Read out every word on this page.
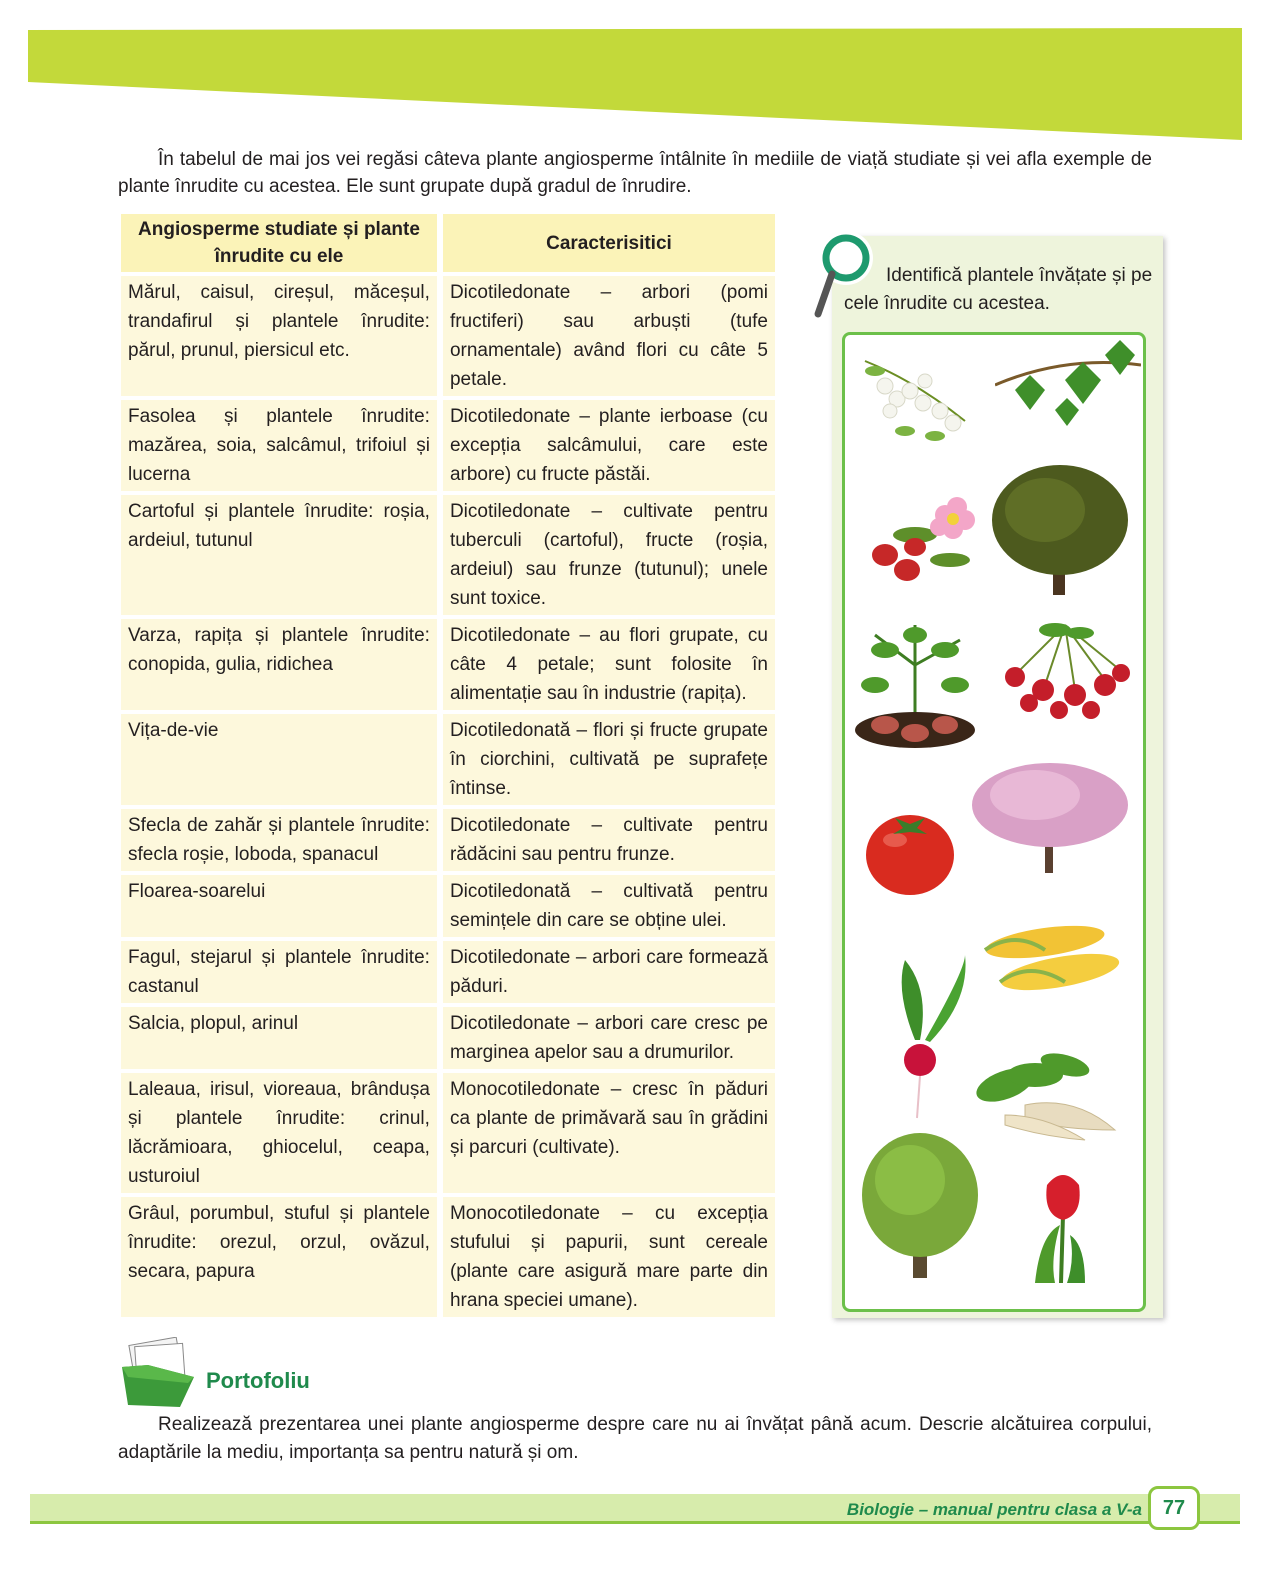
În tabelul de mai jos vei regăsi câteva plante angiosperme întâlnite în mediile de viață studiate și vei afla exemple de plante înrudite cu acestea. Ele sunt grupate după gradul de înrudire.
Angiosperme studiate și plante înrudite cu ele	Caracterisitici
Mărul, caisul, cireșul, măceșul, trandafirul și plantele înrudite: părul, prunul, piersicul etc.	Dicotiledonate – arbori (pomi fructiferi) sau arbuști (tufe ornamentale) având flori cu câte 5 petale.
Fasolea și plantele înrudite: mazărea, soia, salcâmul, trifoiul și lucerna	Dicotiledonate – plante ierboase (cu excepția salcâmului, care este arbore) cu fructe păstăi.
Cartoful și plantele înrudite: roșia, ardeiul, tutunul	Dicotiledonate – cultivate pentru tuberculi (cartoful), fructe (roșia, ardeiul) sau frunze (tutunul); unele sunt toxice.
Varza, rapița și plantele înrudite: conopida, gulia, ridichea	Dicotiledonate – au flori grupate, cu câte 4 petale; sunt folosite în alimentație sau în industrie (rapița).
Vița-de-vie	Dicotiledonată – flori și fructe grupate în ciorchini, cultivată pe suprafețe întinse.
Sfecla de zahăr și plantele înrudite: sfecla roșie, loboda, spanacul	Dicotiledonate – cultivate pentru rădăcini sau pentru frunze.
Floarea-soarelui	Dicotiledonată – cultivată pentru semințele din care se obține ulei.
Fagul, stejarul și plantele înrudite: castanul	Dicotiledonate – arbori care formează păduri.
Salcia, plopul, arinul	Dicotiledonate – arbori care cresc pe marginea apelor sau a drumurilor.
Laleaua, irisul, vioreaua, brândușa și plantele înrudite: crinul, lăcrămioara, ghiocelul, ceapa, usturoiul	Monocotiledonate – cresc în păduri ca plante de primăvară sau în grădini și parcuri (cultivate).
Grâul, porumbul, stuful și plantele înrudite: orezul, orzul, ovăzul, secara, papura	Monocotiledonate – cu excepția stufului și papurii, sunt cereale (plante care asigură mare parte din hrana speciei umane).
Identifică plantele învățate și pe cele înrudite cu acestea.
Portofoliu
Realizează prezentarea unei plante angiosperme despre care nu ai învățat până acum. Descrie alcătuirea corpului, adaptările la mediu, importanța sa pentru natură și om.
Biologie – manual pentru clasa a V-a	77
